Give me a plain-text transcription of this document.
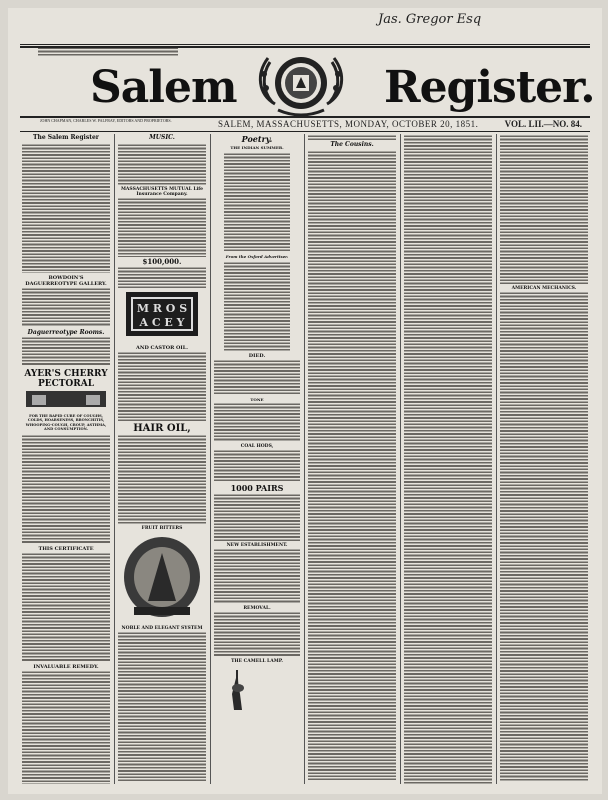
Jas. Gregor Esq
Salem	Register.
JOHN CHAPMAN, CHARLES W. PALFRAY, EDITORS AND PROPRIETORS.	SALEM, MASSACHUSETTS, MONDAY, OCTOBER 20, 1851.	VOL. LII.—NO. 84.
The Salem Register
BOWDOIN'S DAGUERREOTYPE GALLERY.
Daguerreotype Rooms.
AYER'S CHERRY PECTORAL
FOR THE RAPID CURE OF COUGHS, COLDS, HOARSENESS, BRONCHITIS, WHOOPING-COUGH, CROUP, ASTHMA, AND CONSUMPTION.
THIS CERTIFICATE
INVALUABLE REMEDY.
MUSIC.
MASSACHUSETTS MUTUAL Life Insurance Company.
$100,000.
M R O S
A C E Y
AND CASTOR OIL.
HAIR OIL,
FRUIT BITTERS
NOBLE AND ELEGANT SYSTEM
Poetry.
THE INDIAN SUMMER.
From the Oxford Advertiser.
DIED.
TONE
COAL HODS,
1000 PAIRS
NEW ESTABLISHMENT.
REMOVAL.
THE CAMELL LAMP.
The Cousins.
AMERICAN MECHANICS.
